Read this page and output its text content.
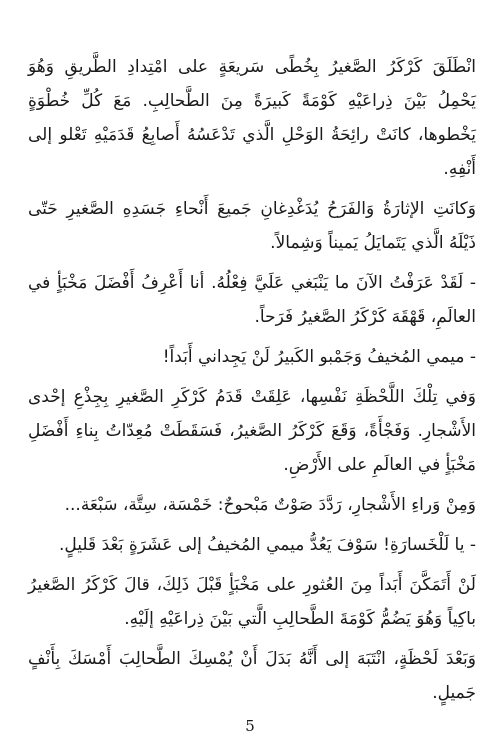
انْطَلَقَ كَرْكَرُ الصَّغيرُ بِخُطًى سَريعَةٍ على امْتِدادِ الطَّريقِ وَهُوَ يَحْمِلُ بَيْنَ ذِراعَيْهِ كَوْمَةً كَبيرَةً مِنَ الطَّحالِبِ. مَعَ كُلِّ خُطْوَةٍ يَخْطوها، كانَتْ رائِحَةُ الوَحْلِ الَّذي تَدْعَسُهُ أَصابِعُ قَدَمَيْهِ تَعْلو إلى أَنْفِهِ.

وَكانَتِ الإثارَةُ وَالفَرَحُ يُدَغْدِغانِ جَميعَ أَنْحاءِ جَسَدِهِ الصَّغيرِ حَتّى ذَيْلَهُ الَّذي يَتَمايَلُ يَميناً وَشِمالاً.

- لَقَدْ عَرَفْتُ الآنَ ما يَنْبَغي عَلَيَّ فِعْلُهُ. أنا أَعْرِفُ أَفْضَلَ مَخْبَأٍ في العالَمِ، قَهْقَهَ كَرْكَرُ الصَّغيرُ فَرَحاً.

- ميمي المُخيفُ وَجَمْبو الكَبيرُ لَنْ يَجِداني أَبَداً!

وَفي تِلْكَ اللَّحْظَةِ نَفْسِها، عَلِقَتْ قَدَمُ كَرْكَرِ الصَّغيرِ بِجِذْعِ إحْدى الأَشْجارِ. وَفَجْأَةً، وَقَعَ كَرْكَرُ الصَّغيرُ، فَسَقَطَتْ مُعِدّاتُ بِناءِ أَفْضَلِ مَخْبَأٍ في العالَمِ على الأَرْضِ.

وَمِنْ وَراءِ الأَشْجارِ، رَدَّدَ صَوْتٌ مَبْحوحٌ: خَمْسَة، سِتَّة، سَبْعَة...

- يا لَلْخَسارَةِ! سَوْفَ يَعُدُّ ميمي المُخيفُ إلى عَشَرَةٍ بَعْدَ قَليلٍ.

لَنْ أَتَمَكَّنَ أَبَداً مِنَ العُثورِ على مَخْبَأٍ قَبْلَ ذَلِكَ، قالَ كَرْكَرُ الصَّغيرُ باكِياً وَهُوَ يَضُمُّ كَوْمَةَ الطَّحالِبِ الَّتي بَيْنَ ذِراعَيْهِ إلَيْهِ.

وَبَعْدَ لَحْظَةٍ، انْتَبَهَ إلى أَنَّهُ بَدَلَ أَنْ يُمْسِكَ الطَّحالِبَ أَمْسَكَ بِأَنْفٍ جَميلٍ.

5
